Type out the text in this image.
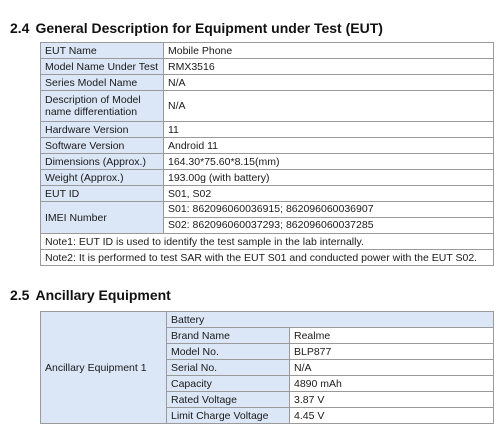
2.4 General Description for Equipment under Test (EUT)
EUT Name	Mobile Phone
Model Name Under Test	RMX3516
Series Model Name	N/A
Description of Model name differentiation	N/A
Hardware Version	11
Software Version	Android 11
Dimensions (Approx.)	164.30*75.60*8.15(mm)
Weight (Approx.)	193.00g (with battery)
EUT ID	S01, S02
IMEI Number	S01: 862096060036915; 862096060036907
S02: 862096060037293; 862096060037285

Note1: EUT ID is used to identify the test sample in the lab internally.	
Note2: It is performed to test SAR with the EUT S01 and conducted power with the EUT S02.	
2.5 Ancillary Equipment
Ancillary Equipment 1	Battery	
	Brand Name	Realme
	Model No.	BLP877
	Serial No.	N/A
	Capacity	4890 mAh
	Rated Voltage	3.87 V
	Limit Charge Voltage	4.45 V
